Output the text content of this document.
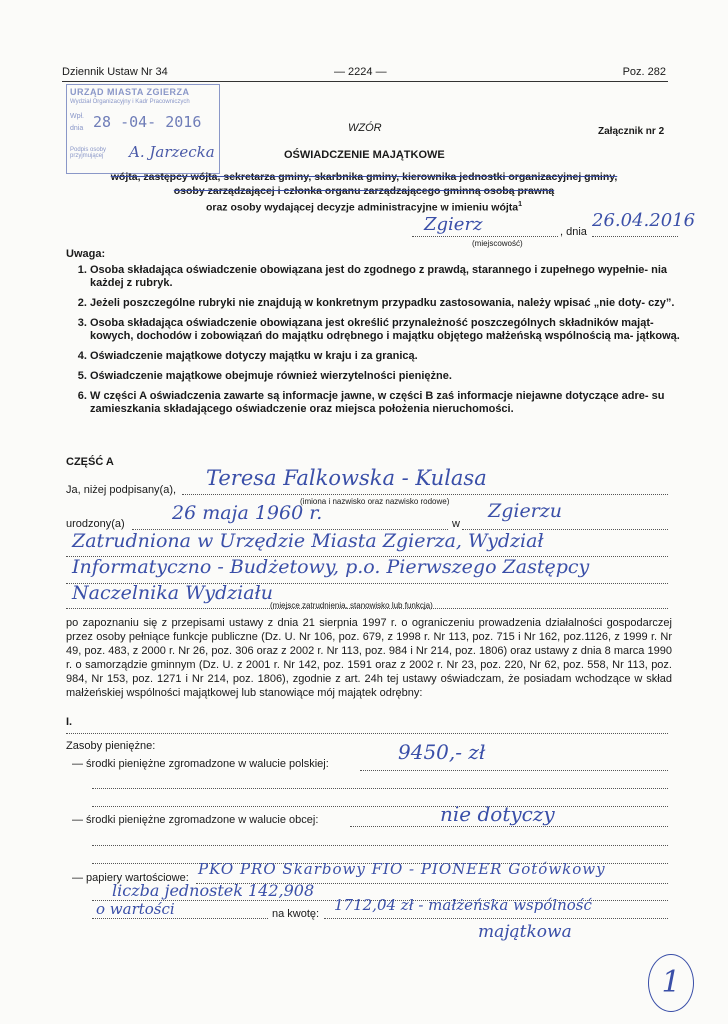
Dziennik Ustaw Nr 34	— 2224 —	Poz. 282
URZĄD MIASTA ZGIERZA
Wydział Organizacyjny i Kadr Pracowniczych
Wpł.
dnia 28 -04- 2016
Podpis osoby przyjmującej	A. Jarzecka
Załącznik nr 2
WZÓR
OŚWIADCZENIE MAJĄTKOWE
wójta, zastępcy wójta, sekretarza gminy, skarbnika gminy, kierownika jednostki organizacyjnej gminy,
osoby zarządzającej i członka organu zarządzającego gminną osobą prawną
oraz osoby wydającej decyzje administracyjne w imieniu wójta$^1$
Zgierz
(miejscowość)
, dnia
26.04.2016
Uwaga:
1. Osoba składająca oświadczenie obowiązana jest do zgodnego z prawdą, starannego i zupełnego wypełnie- nia każdej z rubryk.
2. Jeżeli poszczególne rubryki nie znajdują w konkretnym przypadku zastosowania, należy wpisać „nie doty- czy”.
3. Osoba składająca oświadczenie obowiązana jest określić przynależność poszczególnych składników mająt- kowych, dochodów i zobowiązań do majątku odrębnego i majątku objętego małżeńską wspólnością ma- jątkową.
4. Oświadczenie majątkowe dotyczy majątku w kraju i za granicą.
5. Oświadczenie majątkowe obejmuje również wierzytelności pieniężne.
6. W części A oświadczenia zawarte są informacje jawne, w części B zaś informacje niejawne dotyczące adre- su zamieszkania składającego oświadczenie oraz miejsca położenia nieruchomości.
CZĘŚĆ A
Ja, niżej podpisany(a), Teresa Falkowska - Kulasa
(imiona i nazwisko oraz nazwisko rodowe)
urodzony(a) 26 maja 1960 r.	w
Zgierzu
Zatrudniona w Urzędzie Miasta Zgierza, Wydział
Informatyczno - Budżetowy, p.o. Pierwszego Zastępcy
Naczelnika Wydziału
(miejsce zatrudnienia, stanowisko lub funkcja)
po zapoznaniu się z przepisami ustawy z dnia 21 sierpnia 1997 r. o ograniczeniu prowadzenia działalności gospodarczej przez osoby pełniące funkcje publiczne (Dz. U. Nr 106, poz. 679, z 1998 r. Nr 113, poz. 715 i Nr 162, poz.1126, z 1999 r. Nr 49, poz. 483, z 2000 r. Nr 26, poz. 306 oraz z 2002 r. Nr 113, poz. 984 i Nr 214, poz. 1806) oraz ustawy z dnia 8 marca 1990 r. o samorządzie gminnym (Dz. U. z 2001 r. Nr 142, poz. 1591 oraz z 2002 r. Nr 23, poz. 220, Nr 62, poz. 558, Nr 113, poz. 984, Nr 153, poz. 1271 i Nr 214, poz. 1806), zgodnie z art. 24h tej ustawy oświadczam, że posiadam wchodzące w skład małżeńskiej wspólności majątkowej lub stanowiące mój majątek odrębny:
I.
Zasoby pieniężne:
— środki pieniężne zgromadzone w walucie polskiej:	9450,- zł
— środki pieniężne zgromadzone w walucie obcej:	nie dotyczy
— papiery wartościowe: PKO PRO Skarbowy FIO - PIONEER Gotówkowy
liczba jednostek 142,908
o wartości	na kwotę: 1712,04 zł - małżeńska wspólność
majątkowa
1
